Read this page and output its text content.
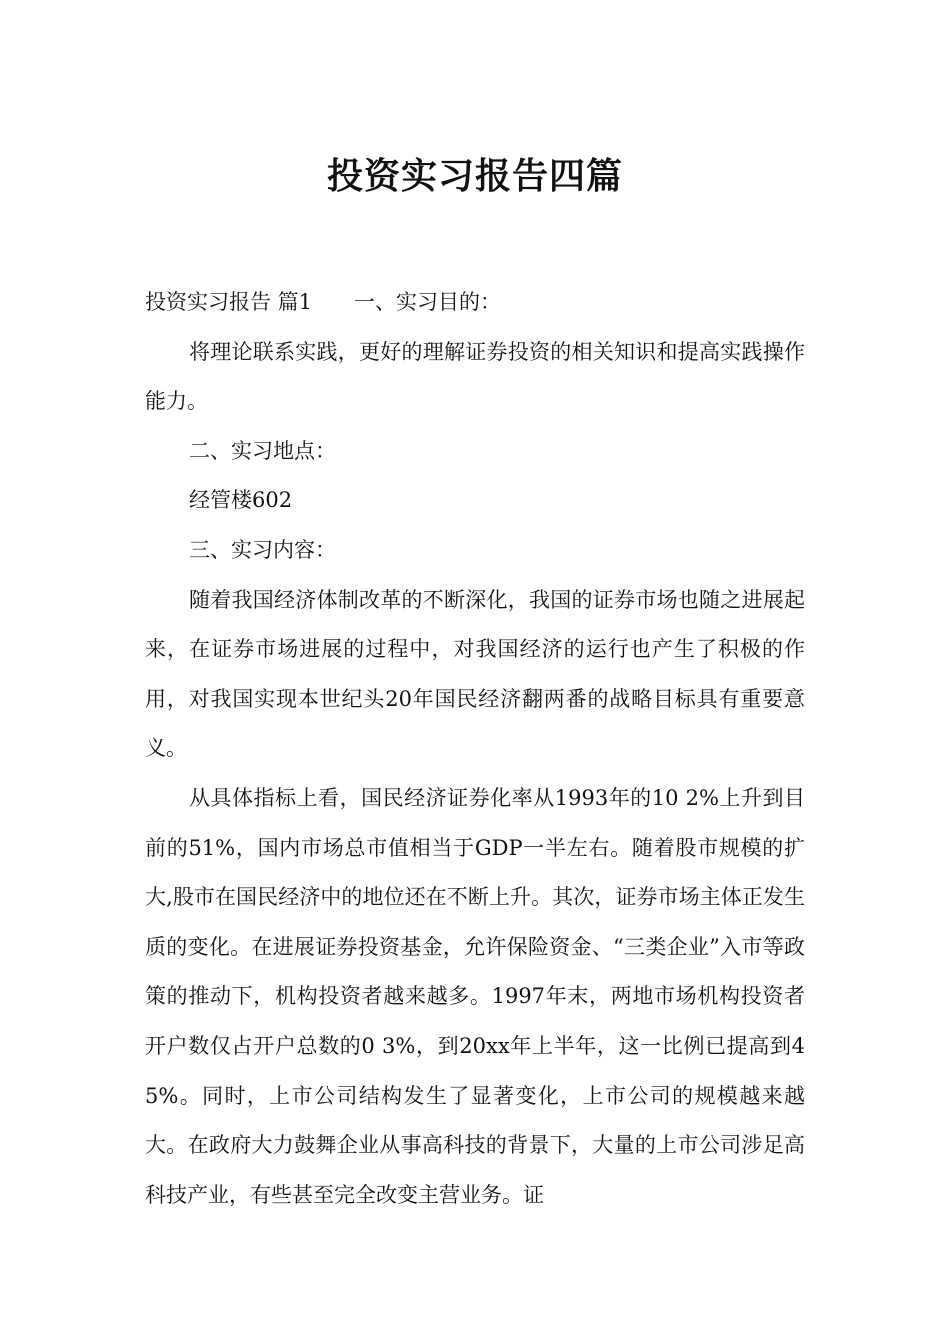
投资实习报告四篇

投资实习报告 篇1 一、实习目的：

将理论联系实践，更好的理解证券投资的相关知识和提高实践操作能力。

二、实习地点：

经管楼602

三、实习内容：

随着我国经济体制改革的不断深化，我国的证券市场也随之进展起来，在证券市场进展的过程中，对我国经济的运行也产生了积极的作用，对我国实现本世纪头20年国民经济翻两番的战略目标具有重要意义。

从具体指标上看，国民经济证券化率从1993年的10 2%上升到目前的51%，国内市场总市值相当于GDP一半左右。随着股市规模的扩大,股市在国民经济中的地位还在不断上升。其次，证券市场主体正发生质的变化。在进展证券投资基金，允许保险资金、“三类企业”入市等政策的推动下，机构投资者越来越多。1997年末，两地市场机构投资者开户数仅占开户总数的0 3%，到20xx年上半年，这一比例已提高到4 5%。同时，上市公司结构发生了显著变化，上市公司的规模越来越大。在政府大力鼓舞企业从事高科技的背景下，大量的上市公司涉足高科技产业，有些甚至完全改变主营业务。证
